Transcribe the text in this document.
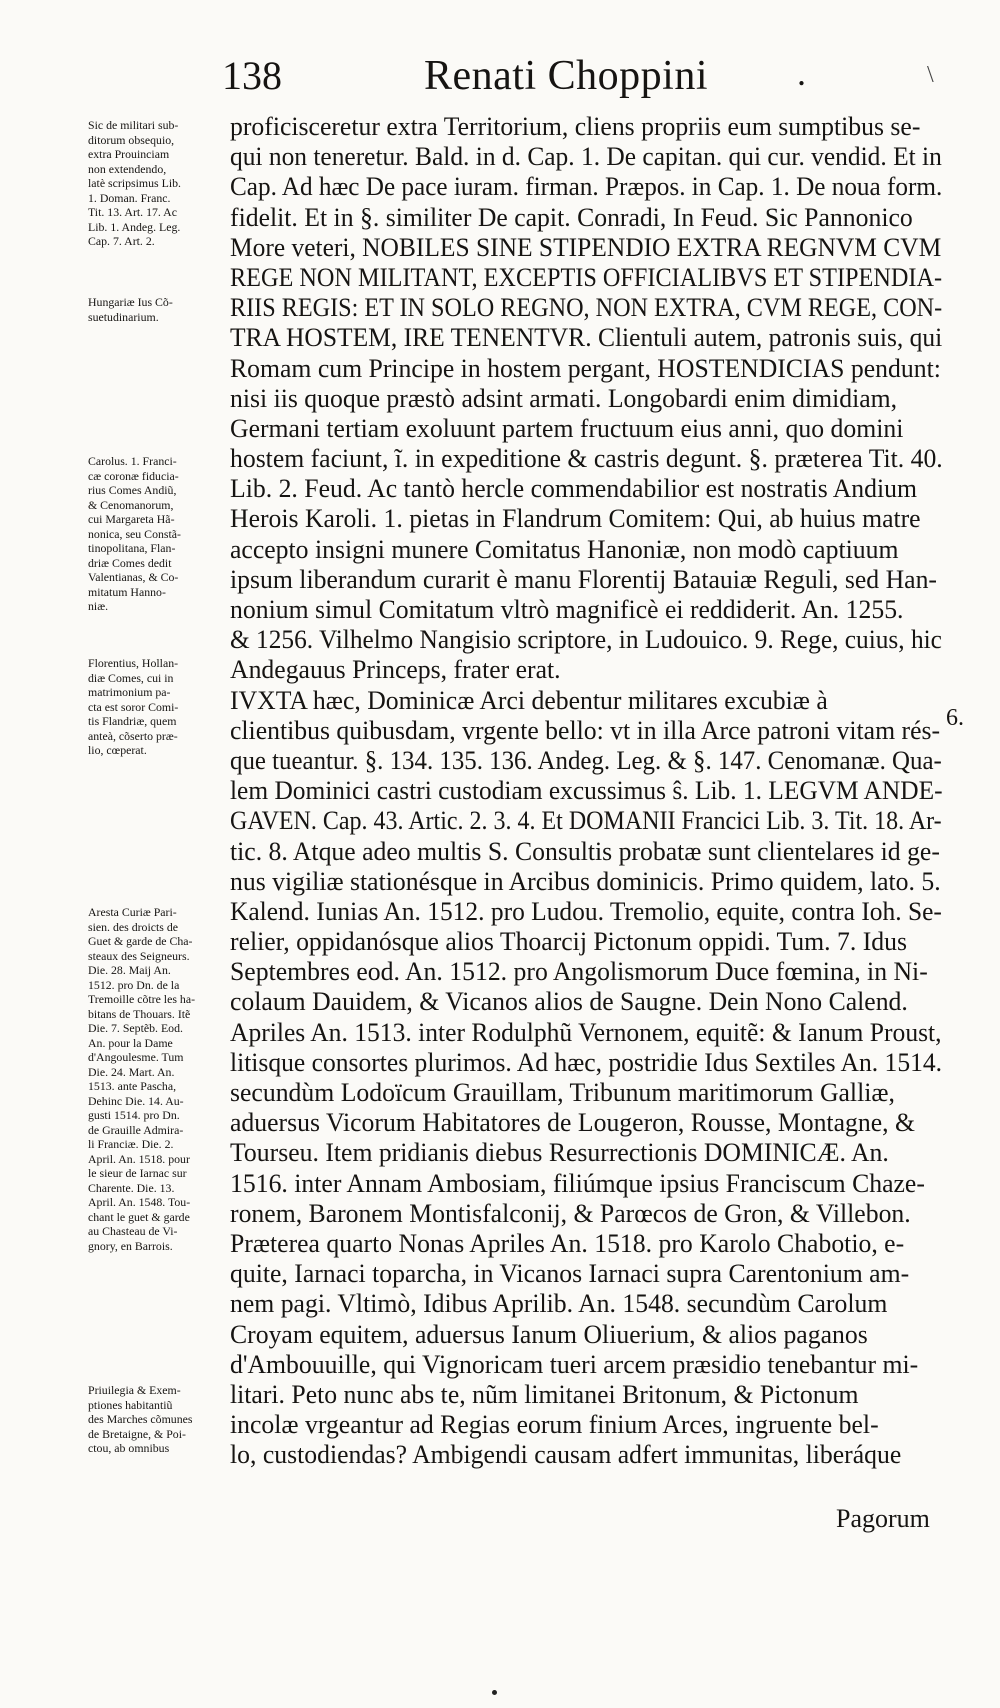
138	Renati Choppini .	\

Sic de militari sub-

ditorum obsequio,

extra Prouinciam

non extendendo,

latè scripsimus Lib.

1. Doman. Franc.

Tit. 13. Art. 17. Ac

Lib. 1. Andeg. Leg.

Cap. 7. Art. 2.

Hungariæ Ius Cõ-

suetudinarium.

Carolus. 1. Franci-

cæ coronæ fiducia-

rius Comes Andiũ,

& Cenomanorum,

cui Margareta Hã-

nonica, seu Constã-

tinopolitana, Flan-

driæ Comes dedit

Valentianas, & Co-

mitatum Hanno-

niæ.

Florentius, Hollan-

diæ Comes, cui in

matrimonium pa-

cta est soror Comi-

tis Flandriæ, quem

anteà, cõserto præ-

lio, cœperat.

Aresta Curiæ Pari-

sien. des droicts de

Guet & garde de Cha-

steaux des Seigneurs.

Die. 28. Maij An.

1512. pro Dn. de la

Tremoille cõtre les ha-

bitans de Thouars. Itẽ

Die. 7. Septẽb. Eod.

An. pour la Dame

d'Angoulesme. Tum

Die. 24. Mart. An.

1513. ante Pascha,

Dehinc Die. 14. Au-

gusti 1514. pro Dn.

de Grauille Admira-

li Franciæ. Die. 2.

April. An. 1518. pour

le sieur de Iarnac sur

Charente. Die. 13.

April. An. 1548. Tou-

chant le guet & garde

au Chasteau de Vi-

gnory, en Barrois.

Priuilegia & Exem-

ptiones habitantiũ

des Marches cõmunes

de Bretaigne, & Poi-

ctou, ab omnibus

proficisceretur extra Territorium, cliens propriis eum sumptibus se-

qui non teneretur. Bald. in d. Cap. 1. De capitan. qui cur. vendid. Et in

Cap. Ad hæc De pace iuram. firman. Præpos. in Cap. 1. De noua form.

fidelit. Et in §. similiter De capit. Conradi, In Feud. Sic Pannonico

More veteri, NOBILES SINE STIPENDIO EXTRA REGNVM CVM

REGE NON MILITANT, EXCEPTIS OFFICIALIBVS ET STIPENDIA-

RIIS REGIS: ET IN SOLO REGNO, NON EXTRA, CVM REGE, CON-

TRA HOSTEM, IRE TENENTVR. Clientuli autem, patronis suis, qui

Romam cum Principe in hostem pergant, HOSTENDICIAS pendunt:

nisi iis quoque præstò adsint armati. Longobardi enim dimidiam,

Germani tertiam exoluunt partem fructuum eius anni, quo domini

hostem faciunt, ĩ. in expeditione & castris degunt. §. præterea Tit. 40.

Lib. 2. Feud. Ac tantò hercle commendabilior est nostratis Andium

Herois Karoli. 1. pietas in Flandrum Comitem: Qui, ab huius matre

accepto insigni munere Comitatus Hanoniæ, non modò captiuum

ipsum liberandum curarit è manu Florentij Batauiæ Reguli, sed Han-

nonium simul Comitatum vltrò magnificè ei reddiderit. An. 1255.

& 1256. Vilhelmo Nangisio scriptore, in Ludouico. 9. Rege, cuius, hic

Andegauus Princeps, frater erat.

IVXTA hæc, Dominicæ Arci debentur militares excubiæ à

clientibus quibusdam, vrgente bello: vt in illa Arce patroni vitam rés-

que tueantur. §. 134. 135. 136. Andeg. Leg. & §. 147. Cenomanæ. Qua-

lem Dominici castri custodiam excussimus ŝ. Lib. 1. LEGVM ANDE-

GAVEN. Cap. 43. Artic. 2. 3. 4. Et DOMANII Francici Lib. 3. Tit. 18. Ar-

tic. 8. Atque adeo multis S. Consultis probatæ sunt clientelares id ge-

nus vigiliæ stationésque in Arcibus dominicis. Primo quidem, lato. 5.

Kalend. Iunias An. 1512. pro Ludou. Tremolio, equite, contra Ioh. Se-

relier, oppidanósque alios Thoarcij Pictonum oppidi. Tum. 7. Idus

Septembres eod. An. 1512. pro Angolismorum Duce fœmina, in Ni-

colaum Dauidem, & Vicanos alios de Saugne. Dein Nono Calend.

Apriles An. 1513. inter Rodulphũ Vernonem, equitẽ: & Ianum Proust,

litisque consortes plurimos. Ad hæc, postridie Idus Sextiles An. 1514.

secundùm Lodoïcum Grauillam, Tribunum maritimorum Galliæ,

aduersus Vicorum Habitatores de Lougeron, Rousse, Montagne, &

Tourseu. Item pridianis diebus Resurrectionis DOMINICÆ. An.

1516. inter Annam Ambosiam, filiúmque ipsius Franciscum Chaze-

ronem, Baronem Montisfalconij, & Parœcos de Gron, & Villebon.

Præterea quarto Nonas Apriles An. 1518. pro Karolo Chabotio, e-

quite, Iarnaci toparcha, in Vicanos Iarnaci supra Carentonium am-

nem pagi. Vltimò, Idibus Aprilib. An. 1548. secundùm Carolum

Croyam equitem, aduersus Ianum Oliuerium, & alios paganos

d'Ambouuille, qui Vignoricam tueri arcem præsidio tenebantur mi-

litari. Peto nunc abs te, nũm limitanei Britonum, & Pictonum

incolæ vrgeantur ad Regias eorum finium Arces, ingruente bel-

lo, custodiendas? Ambigendi causam adfert immunitas, liberáque

6.
Pagorum
